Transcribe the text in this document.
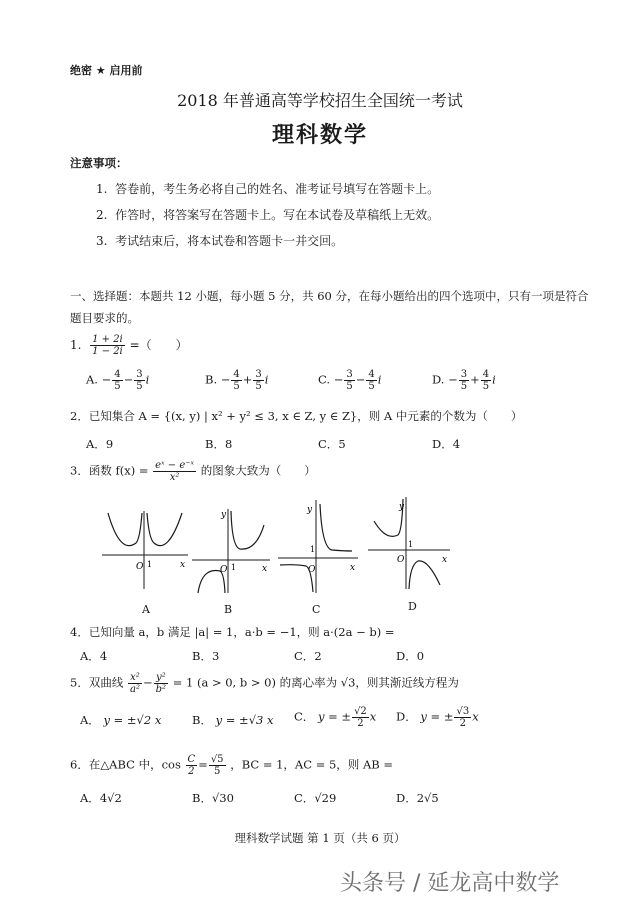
绝密 ★ 启用前
2018 年普通高等学校招生全国统一考试
理科数学
注意事项：
1. 答卷前，考生务必将自己的姓名、准考证号填写在答题卡上。
2. 作答时，将答案写在答题卡上。写在本试卷及草稿纸上无效。
3. 考试结束后，将本试卷和答题卡一并交回。
一、选择题：本题共 12 小题，每小题 5 分，共 60 分，在每小题给出的四个选项中，只有一项是符合
题目要求的。
1. $\frac{1 + 2i}{1 - 2i}$ =（　　）
A. − $\frac{4}{5} - \frac{3}{5}$ i	B. − $\frac{4}{5} + \frac{3}{5}$ i	C. − $\frac{3}{5} - \frac{4}{5}$ i	D. − $\frac{3}{5} + \frac{4}{5}$ i
2．已知集合 A = {(x, y) | x² + y² ≤ 3, x ∈ Z, y ∈ Z}，则 A 中元素的个数为（　　）
A．9	B．8	C．5	D．4
3．函数 $f(x) = \frac{\text{eˣ − e⁻ˣ}}{\text{x²}}$ 的图象大致为（　　）
O 1	x
A
y
O 1	x
B
y
O
1
x
C
y
O
1
x
D
4．已知向量 a，b 满足 |a| = 1，a·b = −1，则 a·(2a − b) =
A．4	B．3	C．2	D．0
5．双曲线 $\frac{\text{x²}}{\text{a²}} - \frac{\text{y²}}{\text{b²}} = 1$ (a > 0, b > 0) 的离心率为 √3，则其渐近线方程为
A． y = ±√2 x	B． y = ±√3 x C． y = ± $\frac{√2}{2}$ x D． y = ± $\frac{√3}{2}$ x
6．在△ABC 中，$\cos \frac{C}{2} = \frac{√5}{5}$ ，BC = 1，AC = 5，则 AB =
A．4√2	B．√30	C．√29	D．2√5
理科数学试题 第 1 页（共 6 页）
头条号 / 延龙高中数学
